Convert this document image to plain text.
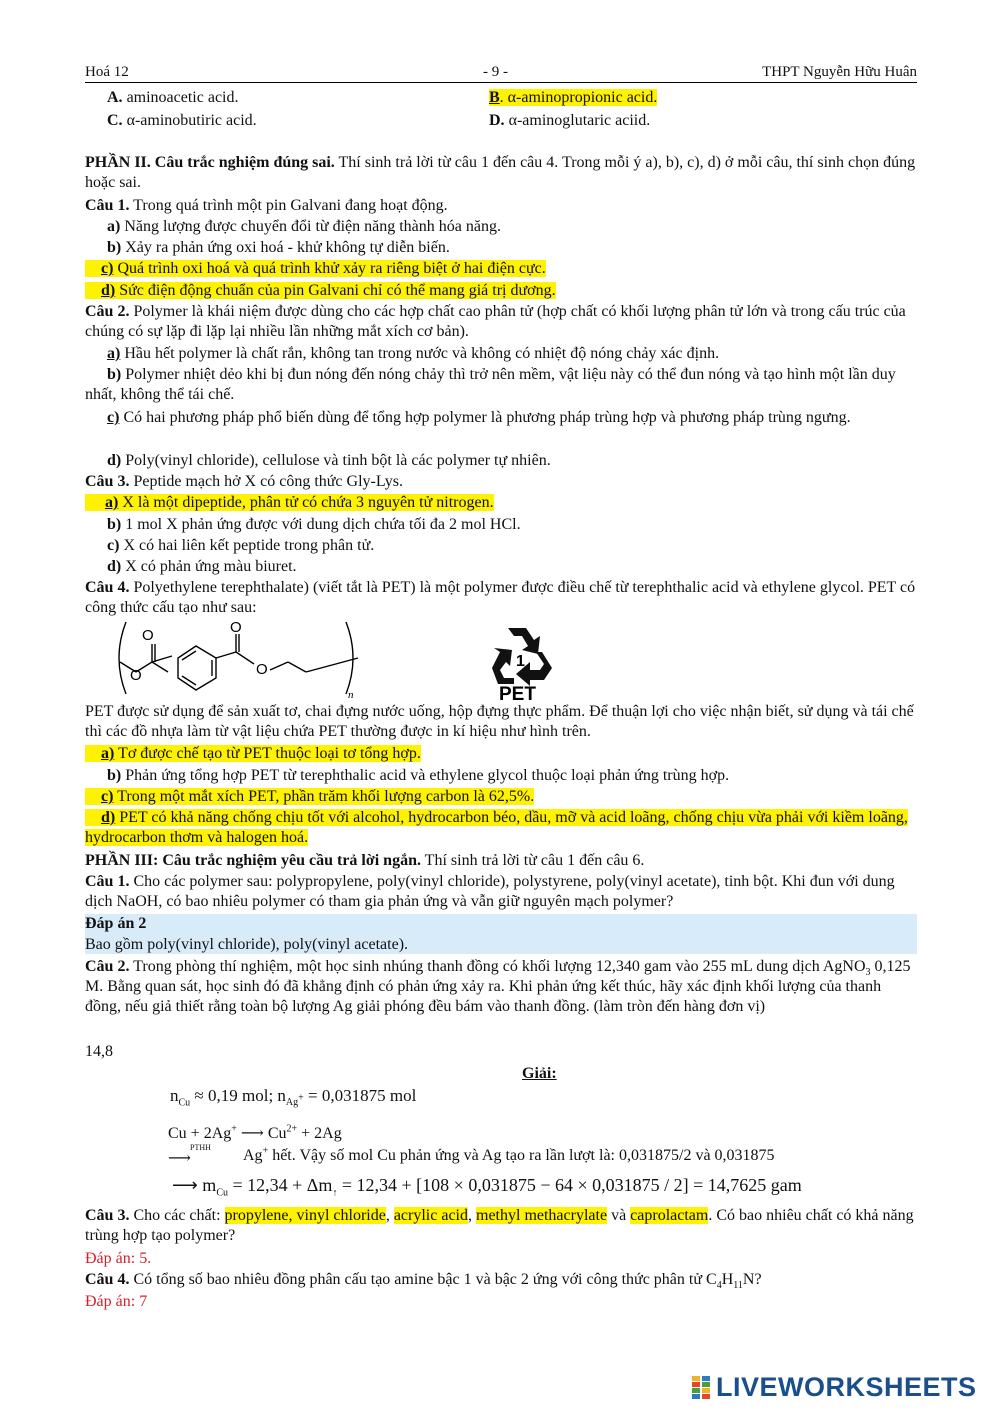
Hoá 12	- 9 -	THPT Nguyễn Hữu Huân
A. aminoacetic acid.	B. α-aminopropionic acid.
C. α-aminobutiric acid.	D. α-aminoglutaric aciid.
PHẦN II. Câu trắc nghiệm đúng sai. Thí sinh trả lời từ câu 1 đến câu 4. Trong mỗi ý a), b), c), d) ở mỗi câu, thí sinh chọn đúng hoặc sai.
Câu 1. Trong quá trình một pin Galvani đang hoạt động.
a) Năng lượng được chuyển đổi từ điện năng thành hóa năng.
b) Xảy ra phản ứng oxi hoá - khử không tự diễn biến.
c) Quá trình oxi hoá và quá trình khử xảy ra riêng biệt ở hai điện cực.
d) Sức điện động chuẩn của pin Galvani chỉ có thể mang giá trị dương.
Câu 2. Polymer là khái niệm được dùng cho các hợp chất cao phân tử (hợp chất có khối lượng phân tử lớn và trong cấu trúc của chúng có sự lặp đi lặp lại nhiều lần những mắt xích cơ bản).
a) Hầu hết polymer là chất rắn, không tan trong nước và không có nhiệt độ nóng chảy xác định.
b) Polymer nhiệt dẻo khi bị đun nóng đến nóng chảy thì trở nên mềm, vật liệu này có thể đun nóng và tạo hình một lần duy nhất, không thể tái chế.
c) Có hai phương pháp phổ biến dùng để tổng hợp polymer là phương pháp trùng hợp và phương pháp trùng ngưng.
d) Poly(vinyl chloride), cellulose và tinh bột là các polymer tự nhiên.
Câu 3. Peptide mạch hở X có công thức Gly-Lys.
a) X là một dipeptide, phân tử có chứa 3 nguyên tử nitrogen.
b) 1 mol X phản ứng được với dung dịch chứa tối đa 2 mol HCl.
c) X có hai liên kết peptide trong phân tử.
d) X có phản ứng màu biuret.
Câu 4. Polyethylene terephthalate) (viết tắt là PET) là một polymer được điều chế từ terephthalic acid và ethylene glycol. PET có công thức cấu tạo như sau:
O
O
O
O
n
1
PET
PET được sử dụng để sản xuất tơ, chai đựng nước uống, hộp đựng thực phẩm. Để thuận lợi cho việc nhận biết, sử dụng và tái chế thì các đồ nhựa làm từ vật liệu chứa PET thường được in kí hiệu như hình trên.
a) Tơ được chế tạo từ PET thuộc loại tơ tổng hợp.
b) Phản ứng tổng hợp PET từ terephthalic acid và ethylene glycol thuộc loại phản ứng trùng hợp.
c) Trong một mắt xích PET, phần trăm khối lượng carbon là 62,5%.
d) PET có khả năng chống chịu tốt với alcohol, hydrocarbon béo, dầu, mỡ và acid loãng, chống chịu vừa phải với kiềm loãng, hydrocarbon thơm và halogen hoá.
PHẦN III: Câu trắc nghiệm yêu cầu trả lời ngắn. Thí sinh trả lời từ câu 1 đến câu 6.
Câu 1. Cho các polymer sau: polypropylene, poly(vinyl chloride), polystyrene, poly(vinyl acetate), tinh bột. Khi đun với dung dịch NaOH, có bao nhiêu polymer có tham gia phản ứng và vẫn giữ nguyên mạch polymer?
Đáp án 2
Bao gồm poly(vinyl chloride), poly(vinyl acetate).
Câu 2. Trong phòng thí nghiệm, một học sinh nhúng thanh đồng có khối lượng 12,340 gam vào 255 mL dung dịch AgNO$_3$ 0,125 M. Bằng quan sát, học sinh đó đã khẳng định có phản ứng xảy ra. Khi phản ứng kết thúc, hãy xác định khối lượng của thanh đồng, nếu giả thiết rằng toàn bộ lượng Ag giải phóng đều bám vào thanh đồng. (làm tròn đến hàng đơn vị)
14,8
Giải:
$n_{Cu} \approx 0,19$ mol; $n_{Ag^+} = 0,031875$ mol
Cu + 2Ag+ ⟶ $Cu^{2+} + 2Ag$
PTHH
⟶	Ag+ hết. Vậy số mol Cu phản ứng và Ag tạo ra lần lượt là: 0,031875/2 và 0,031875
⟶ $m_{Cu} = 12,34 + \Delta m_↑ = 12,34 + [108 \times 0,031875 - 64 \times 0,031875 / 2] = 14,7625$ gam
Câu 3. Cho các chất: propylene, vinyl chloride, acrylic acid, methyl methacrylate và caprolactam. Có bao nhiêu chất có khả năng trùng hợp tạo polymer?
Đáp án: 5.
Câu 4. Có tổng số bao nhiêu đồng phân cấu tạo amine bậc 1 và bậc 2 ứng với công thức phân tử $C_4H_{11}N$?
Đáp án: 7
LIVEWORKSHEETS
